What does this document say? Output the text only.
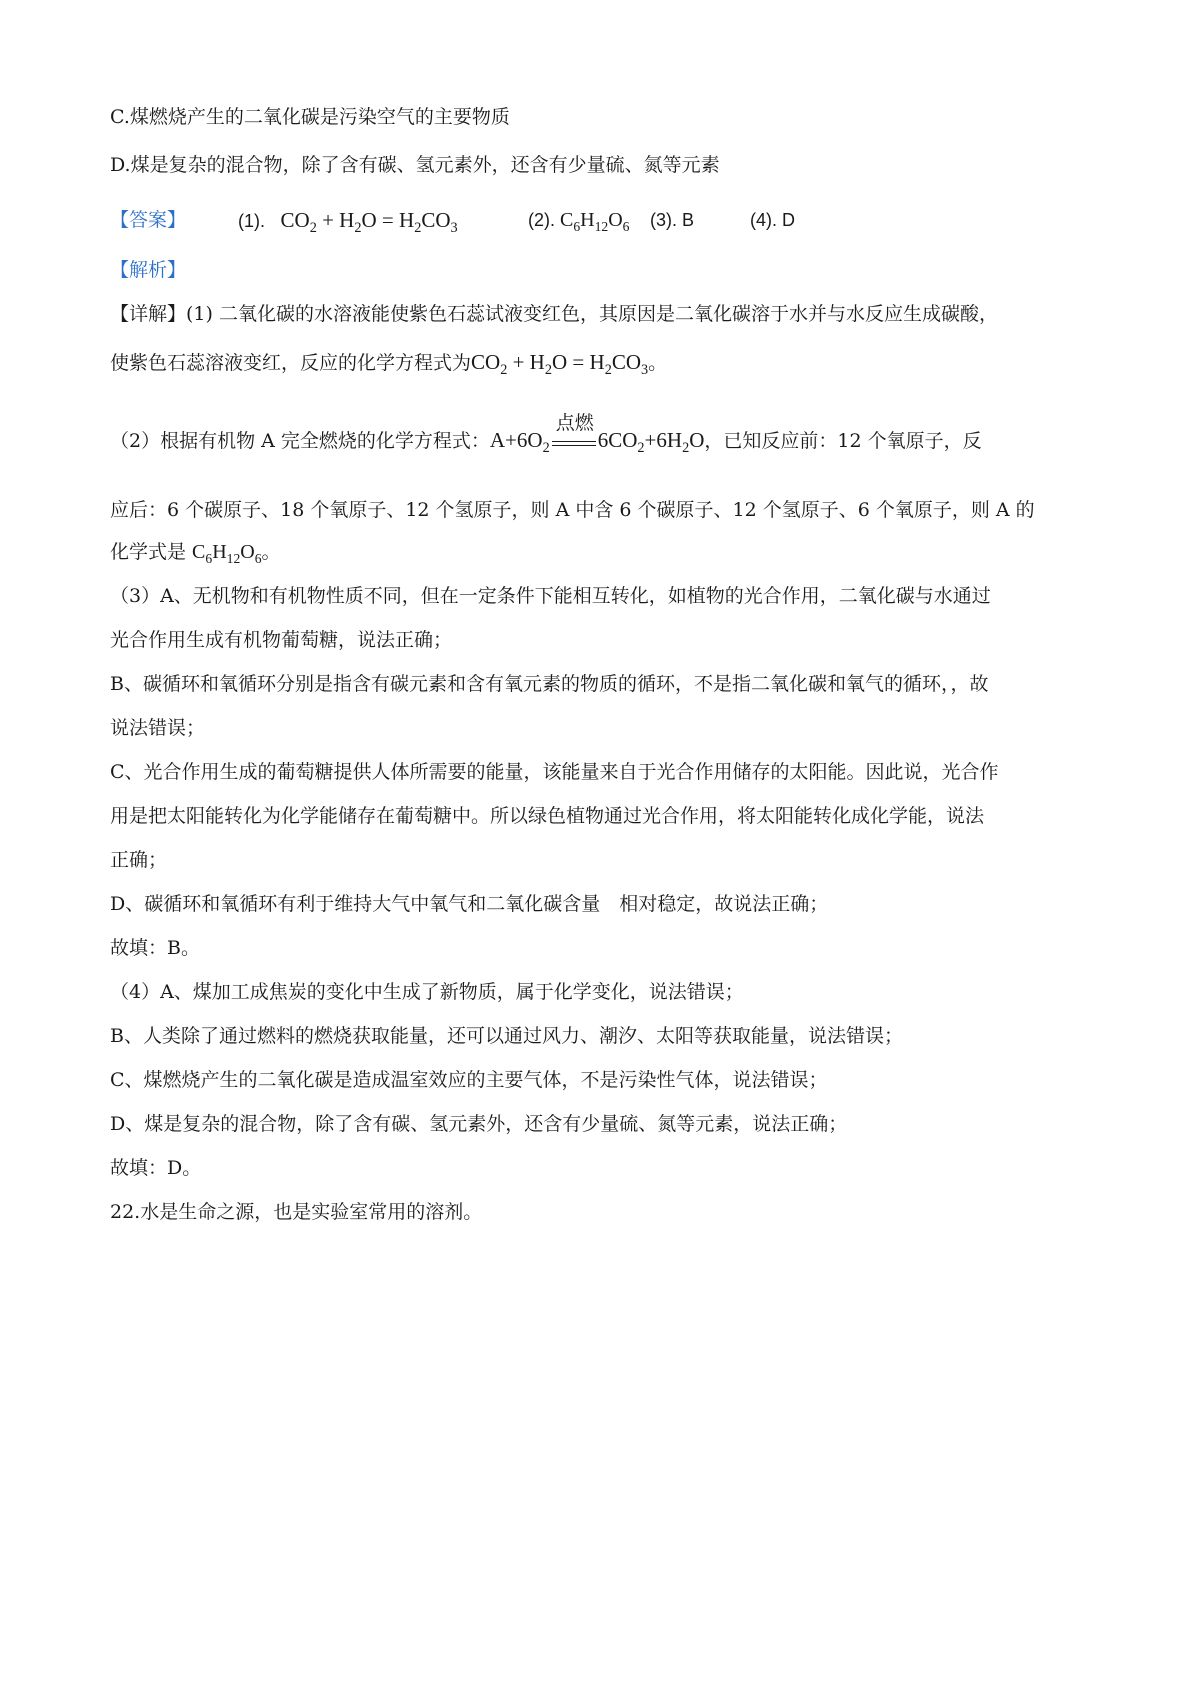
C.煤燃烧产生的二氧化碳是污染空气的主要物质
D.煤是复杂的混合物，除了含有碳、氢元素外，还含有少量硫、氮等元素
【答案】	(1).   $CO_2 + H_2O = H_2CO_3$	(2). $C_6H_{12}O_6$ (3). B	(4). D
【解析】
【详解】(1) 二氧化碳的水溶液能使紫色石蕊试液变红色，其原因是二氧化碳溶于水并与水反应生成碳酸，
使紫色石蕊溶液变红，反应的化学方程式为$CO_2 + H_2O = H_2CO_3$。
（2）根据有机物 A 完全燃烧的化学方程式：$A+6O_2$
点燃
$6CO_2+6H_2O$，已知反应前：12 个氧原子，反
应后：6 个碳原子、18 个氧原子、12 个氢原子，则 A 中含 6 个碳原子、12 个氢原子、6 个氧原子，则 A 的
化学式是 $C_6H_{12}O_6$。
（3）A、无机物和有机物性质不同，但在一定条件下能相互转化，如植物的光合作用，二氧化碳与水通过
光合作用生成有机物葡萄糖，说法正确；
B、碳循环和氧循环分别是指含有碳元素和含有氧元素的物质的循环，不是指二氧化碳和氧气的循环，，故
说法错误；
C、光合作用生成的葡萄糖提供人体所需要的能量，该能量来自于光合作用储存的太阳能。因此说，光合作
用是把太阳能转化为化学能储存在葡萄糖中。所以绿色植物通过光合作用，将太阳能转化成化学能，说法
正确；
D、碳循环和氧循环有利于维持大气中氧气和二氧化碳含量　相对稳定，故说法正确；
故填：B。
（4）A、煤加工成焦炭的变化中生成了新物质，属于化学变化，说法错误；
B、人类除了通过燃料的燃烧获取能量，还可以通过风力、潮汐、太阳等获取能量，说法错误；
C、煤燃烧产生的二氧化碳是造成温室效应的主要气体，不是污染性气体，说法错误；
D、煤是复杂的混合物，除了含有碳、氢元素外，还含有少量硫、氮等元素，说法正确；
故填：D。
22.水是生命之源，也是实验室常用的溶剂。
